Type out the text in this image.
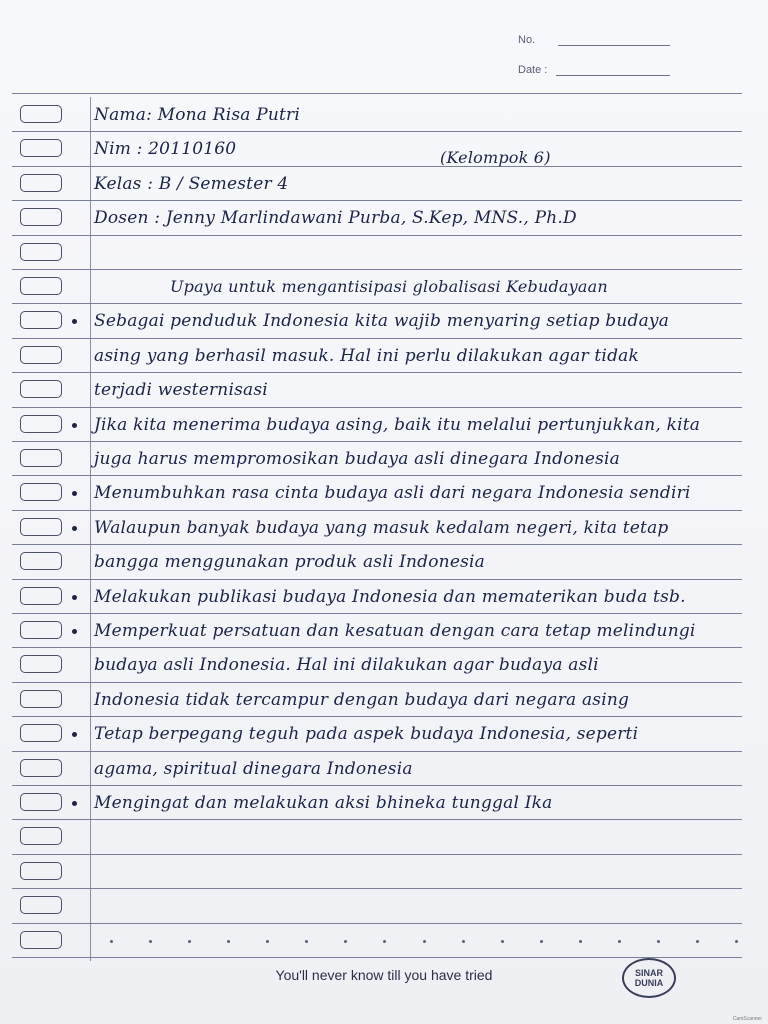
No.
Date :
Nama: Mona Risa Putri
Nim : 20110160
Kelas : B / Semester 4
Dosen : Jenny Marlindawani Purba, S.Kep, MNS., Ph.D
Upaya untuk mengantisipasi globalisasi Kebudayaan
Sebagai penduduk Indonesia kita wajib menyaring setiap budaya
asing yang berhasil masuk. Hal ini perlu dilakukan agar tidak
terjadi westernisasi
Jika kita menerima budaya asing, baik itu melalui pertunjukkan, kita
juga harus mempromosikan budaya asli dinegara Indonesia
Menumbuhkan rasa cinta budaya asli dari negara Indonesia sendiri
Walaupun banyak budaya yang masuk kedalam negeri, kita tetap
bangga menggunakan produk asli Indonesia
Melakukan publikasi budaya Indonesia dan mematerikan buda tsb.
Memperkuat persatuan dan kesatuan dengan cara tetap melindungi
budaya asli Indonesia. Hal ini dilakukan agar budaya asli
Indonesia tidak tercampur dengan budaya dari negara asing
Tetap berpegang teguh pada aspek budaya Indonesia, seperti
agama, spiritual dinegara Indonesia
Mengingat dan melakukan aksi bhineka tunggal Ika
(Kelompok 6)
You'll never know till you have tried	SINAR
DUNIA
CamScanner
